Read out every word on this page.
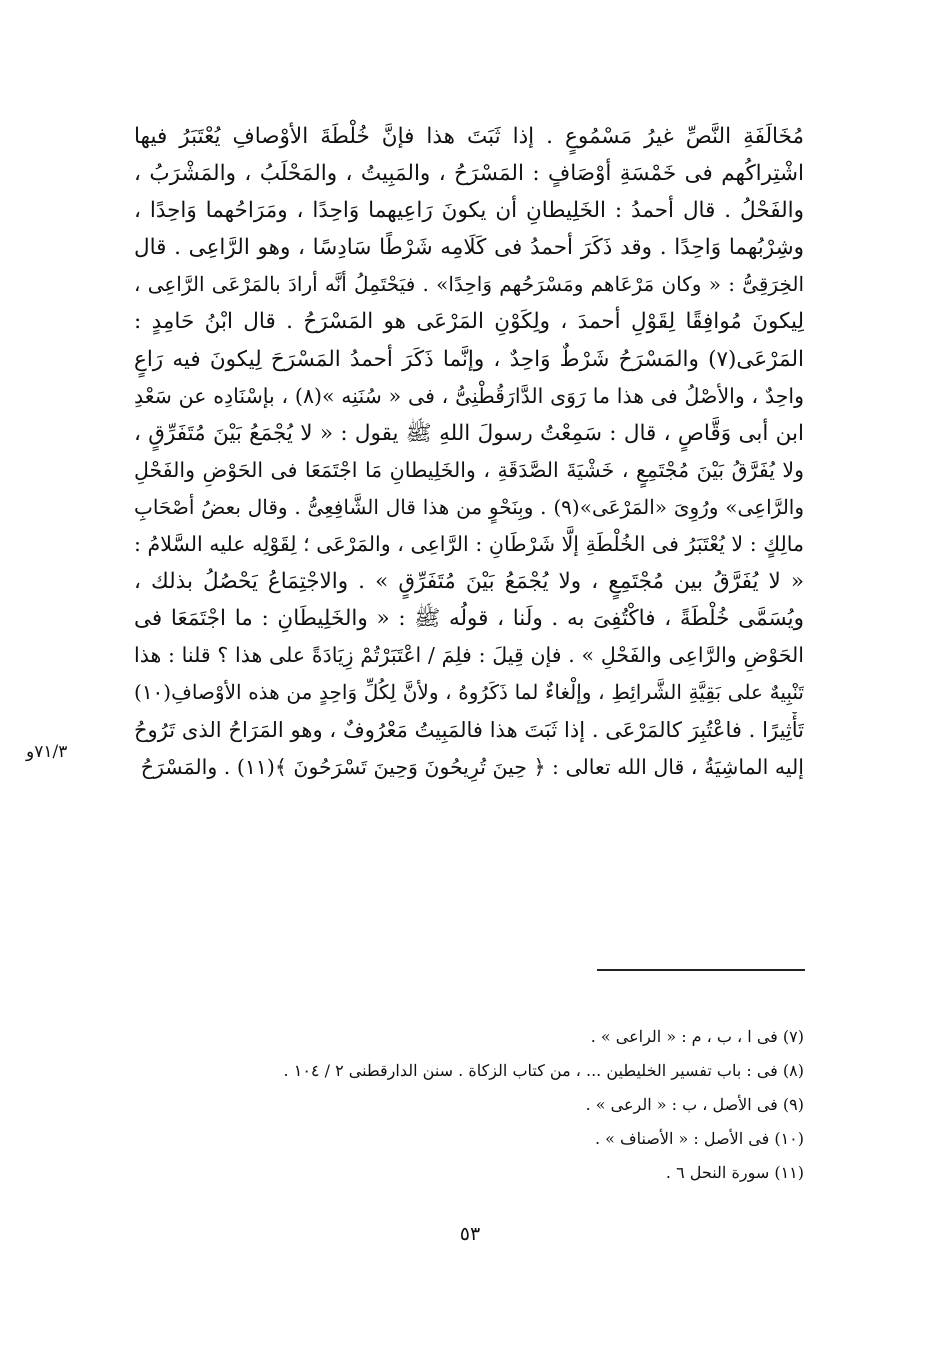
مُخَالَفَةِ النَّصِّ غيرُ مَسْمُوعٍ . إذا ثَبَتَ هذا فإنَّ خُلْطَةَ الأوْصافِ يُعْتَبَرُ فيها
اشْتِراكُهم فى خَمْسَةِ أوْصَافٍ : المَسْرَحُ ، والمَبِيتُ ، والمَحْلَبُ ، والمَشْرَبُ ،
والفَحْلُ . قال أحمدُ : الخَلِيطانِ أن يكونَ رَاعِيهما وَاحِدًا ، ومَرَاحُهما وَاحِدًا ،
وشِرْبُهما وَاحِدًا . وقد ذَكَرَ أحمدُ فى كَلَامِه شَرْطًا سَادِسًا ، وهو الرَّاعِى . قال
الخِرَقِىُّ : « وكان مَرْعَاهم ومَسْرَحُهم وَاحِدًا» . فيَحْتَمِلُ أنَّه أرادَ بالمَرْعَى الرَّاعِى ،
لِيكونَ مُوافِقًا لِقَوْلِ أحمدَ ، ولِكَوْنِ المَرْعَى هو المَسْرَحُ . قال ابْنُ حَامِدٍ :
المَرْعَى(٧) والمَسْرَحُ شَرْطٌ وَاحِدٌ ، وإنَّما ذَكَرَ أحمدُ المَسْرَحَ لِيكونَ فيه رَاعٍ
واحِدٌ ، والأصْلُ فى هذا ما رَوَى الدَّارَقُطْنِىُّ ، فى « سُنَنِه »(٨) ، بإسْنَادِه عن سَعْدِ
ابن أبى وَقَّاصٍ ، قال : سَمِعْتُ رسولَ اللهِ ﷺ يقول : « لا يُجْمَعُ بَيْنَ مُتَفَرِّقٍ ،
ولا يُفَرَّقُ بَيْنَ مُجْتَمِعٍ ، خَشْيَةَ الصَّدَقَةِ ، والخَلِيطانِ مَا اجْتَمَعَا فى الحَوْضِ والفَحْلِ
والرَّاعِى» ورُوِىَ «المَرْعَى»(٩) . وبِنَحْوٍ من هذا قال الشَّافِعِىُّ . وقال بعضُ أصْحَابِ
مالِكٍ : لا يُعْتَبَرُ فى الخُلْطَةِ إلَّا شَرْطَانِ : الرَّاعِى ، والمَرْعَى ؛ لِقَوْلِه عليه السَّلامُ :
« لا يُفَرَّقُ بين مُجْتَمِعٍ ، ولا يُجْمَعُ بَيْنَ مُتَفَرِّقٍ » . والاجْتِمَاعُ يَحْصُلُ بذلك ،
ويُسَمَّى خُلْطَةً ، فاكْتُفِىَ به . ولَنا ، قولُه ﷺ : « والخَلِيطَانِ : ما اجْتَمَعَا فى
الحَوْضِ والرَّاعِى والفَحْلِ » . فإن قِيلَ : فلِمَ / اعْتَبَرْتُمْ زِيَادَةً على هذا ؟ قلنا : هذا
تَنْبِيهٌ على بَقِيَّةِ الشَّرائِطِ ، وإلْغاءٌ لما ذَكَرُوهُ ، ولأنَّ لِكُلِّ وَاحِدٍ من هذه الأوْصافِ(١٠)
تَأْثِيرًا . فاعْتُبِرَ كالمَرْعَى . إذا ثَبَتَ هذا فالمَبِيتُ مَعْرُوفٌ ، وهو المَرَاحُ الذى تَرُوحُ
إليه الماشِيَةُ ، قال الله تعالى : ﴿ حِينَ تُرِيحُونَ وَحِينَ تَسْرَحُونَ ﴾(١١) . والمَسْرَحُ
٧١/٣و
(٧) فى ا ، ب ، م : « الراعى » .
(٨) فى : باب تفسير الخليطين ... ، من كتاب الزكاة . سنن الدارقطنى ٢ / ١٠٤ .
(٩) فى الأصل ، ب : « الرعى » .
(١٠) فى الأصل : « الأصناف » .
(١١) سورة النحل ٦ .
٥٣
